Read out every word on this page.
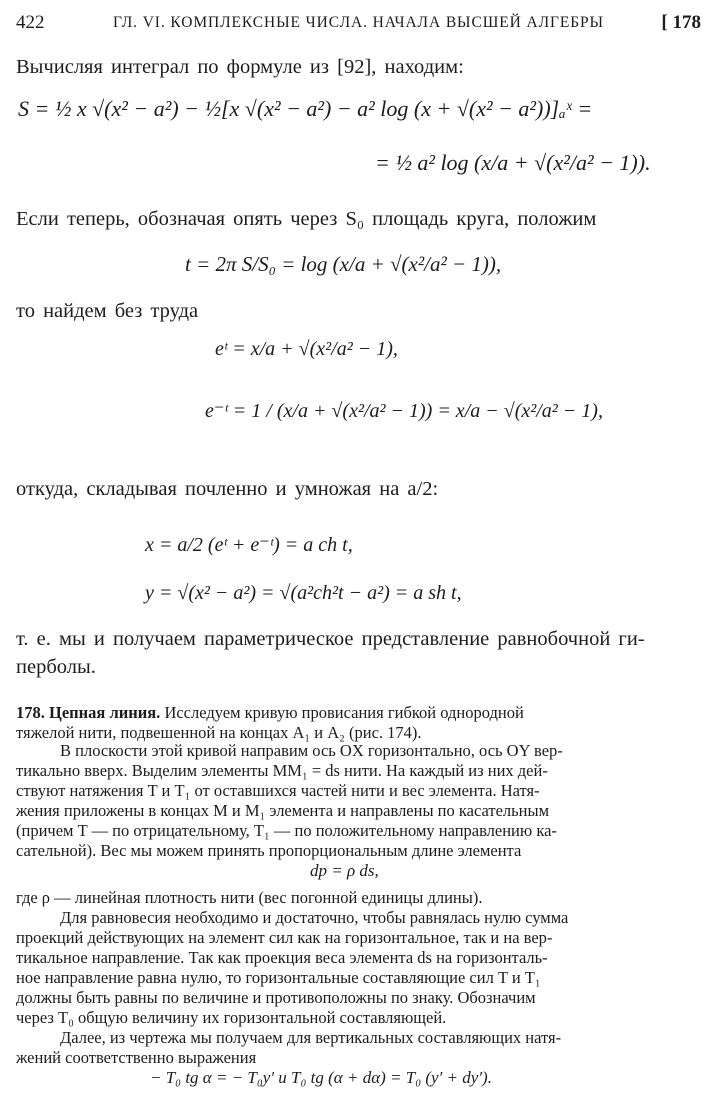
422	ГЛ. VI. КОМПЛЕКСНЫЕ ЧИСЛА. НАЧАЛА ВЫСШЕЙ АЛГЕБРЫ	[ 178
Вычисляя интеграл по формуле из [92], находим:
S = ½ x √(x² − a²) − ½[x √(x² − a²) − a² log (x + √(x² − a²))]ₐˣ =
= ½ a² log (x/a + √(x²/a² − 1)).
Если теперь, обозначая опять через S₀ площадь круга, положим
t = 2π S/S₀ = log (x/a + √(x²/a² − 1)),
то найдем без труда
eᵗ = x/a + √(x²/a² − 1),
e⁻ᵗ = 1 / (x/a + √(x²/a² − 1)) = x/a − √(x²/a² − 1),
откуда, складывая почленно и умножая на a/2:
x = a/2 (eᵗ + e⁻ᵗ) = a ch t,
y = √(x² − a²) = √(a²ch²t − a²) = a sh t,
т. е. мы и получаем параметрическое представление равнобочной ги-
перболы.
178. Цепная линия. Исследуем кривую провисания гибкой однородной
тяжелой нити, подвешенной на концах A₁ и A₂ (рис. 174).
В плоскости этой кривой направим ось OX горизонтально, ось OY вер-
тикально вверх. Выделим элементы MM₁ = ds нити. На каждый из них дей-
ствуют натяжения T и T₁ от оставшихся частей нити и вес элемента. Натя-
жения приложены в концах M и M₁ элемента и направлены по касательным
(причем T — по отрицательному, T₁ — по положительному направлению ка-
сательной). Вес мы можем принять пропорциональным длине элемента
dp = ρ ds,
где ρ — линейная плотность нити (вес погонной единицы длины).
Для равновесия необходимо и достаточно, чтобы равнялась нулю сумма
проекций действующих на элемент сил как на горизонтальное, так и на вер-
тикальное направление. Так как проекция веса элемента ds на горизонталь-
ное направление равна нулю, то горизонтальные составляющие сил T и T₁
должны быть равны по величине и противоположны по знаку. Обозначим
через T₀ общую величину их горизонтальной составляющей.
Далее, из чертежа мы получаем для вертикальных составляющих натя-
жений соответственно выражения
− T₀ tg α = − T₀y′ и T₀ tg (α + dα) = T₀ (y′ + dy′).
